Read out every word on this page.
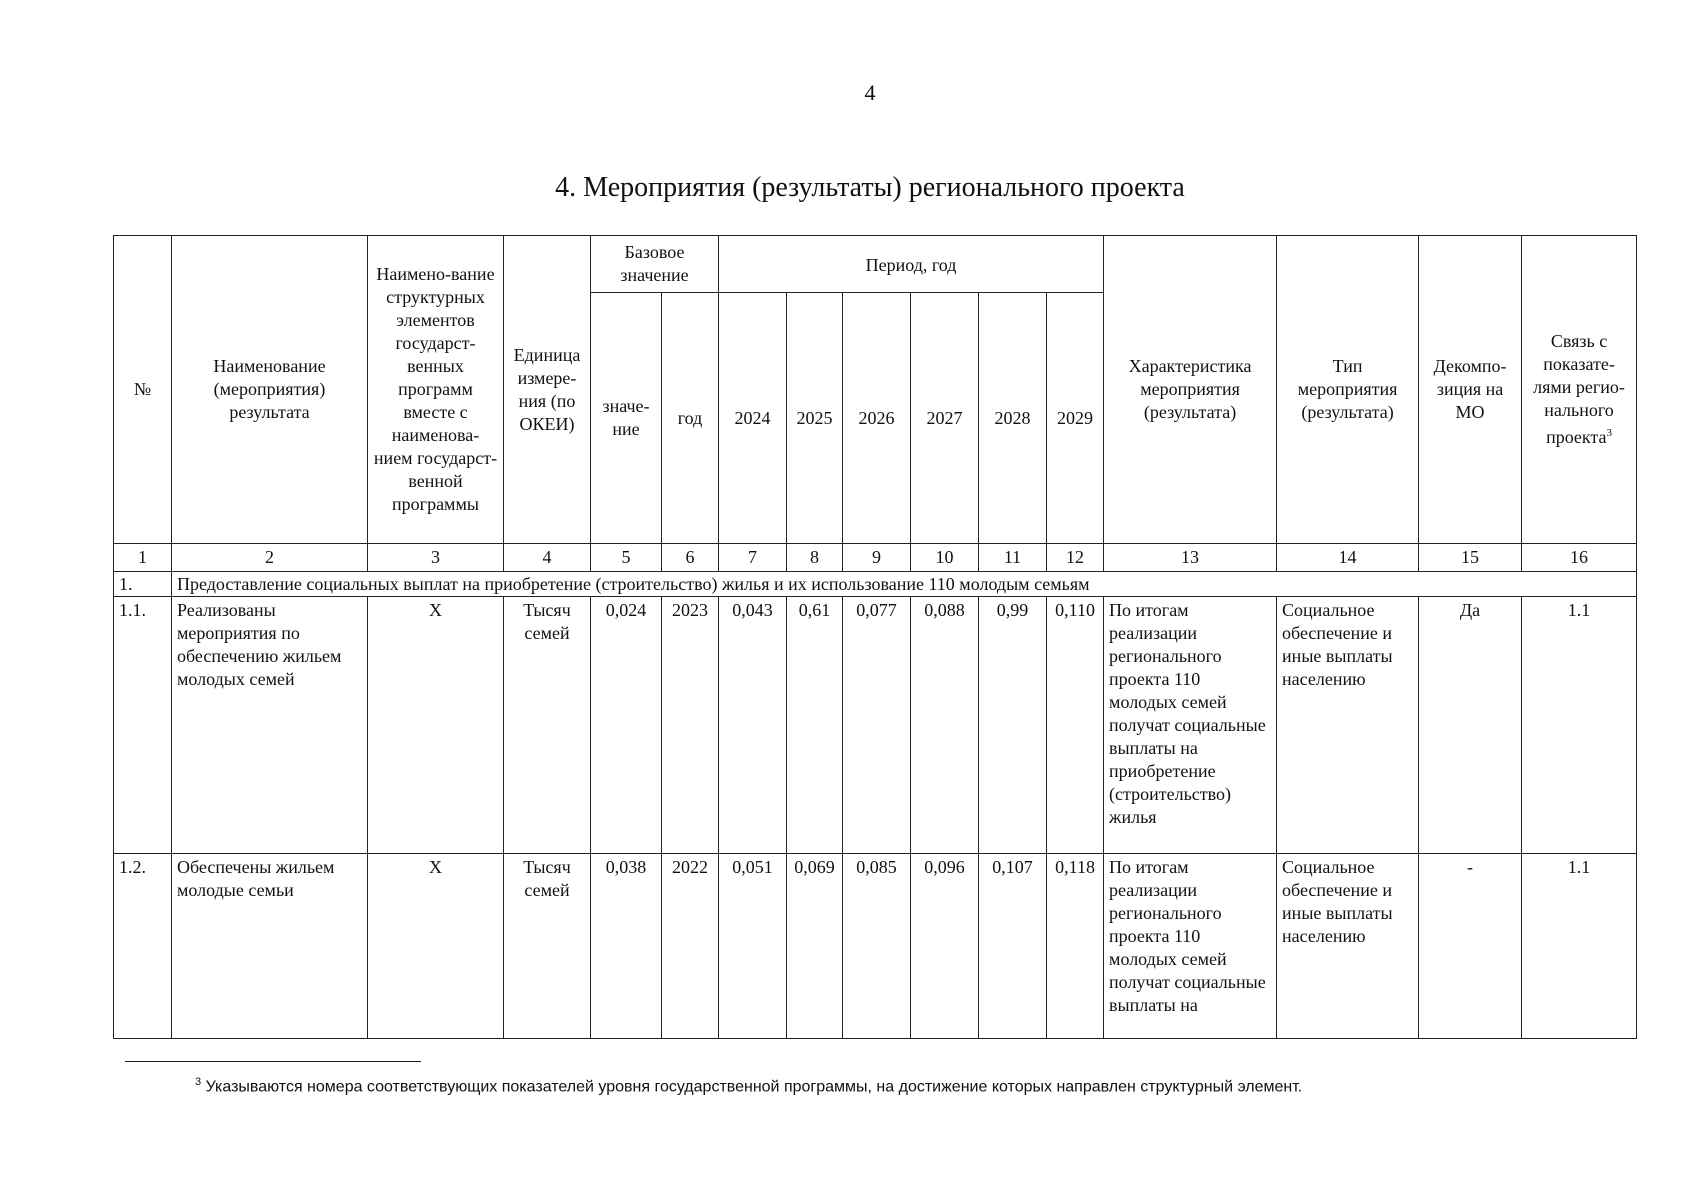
4
4. Мероприятия (результаты) регионального проекта
№	Наименование (мероприятия) результата	Наимено-вание структурных элементов государст-венных программ вместе с наименова-нием государст-венной программы	Единица измере-ния (по ОКЕИ)	Базовое значение		Период, год						Характеристика мероприятия (результата)	Тип мероприятия (результата)	Декомпо-зиция на МО	Связь с показате-лями регио-нального проекта$^3$
				значе-ние	год	2024	2025	2026	2027	2028	2029				
1	2	3	4	5	6	7	8	9	10	11	12	13	14	15	16
1.	Предоставление социальных выплат на приобретение (строительство) жилья и их использование 110 молодым семьям														
1.1.	Реализованы мероприятия по обеспечению жильем молодых семей	Х	Тысяч семей	0,024	2023	0,043	0,61	0,077	0,088	0,99	0,110	По итогам реализации регионального проекта 110 молодых семей получат социальные выплаты на приобретение (строительство) жилья	Социальное обеспечение и иные выплаты населению	Да	1.1
1.2.	Обеспечены жильем молодые семьи	Х	Тысяч семей	0,038	2022	0,051	0,069	0,085	0,096	0,107	0,118	По итогам реализации регионального проекта 110 молодых семей получат социальные выплаты на	Социальное обеспечение и иные выплаты населению	-	1.1
$^3$ Указываются номера соответствующих показателей уровня государственной программы, на достижение которых направлен структурный элемент.
